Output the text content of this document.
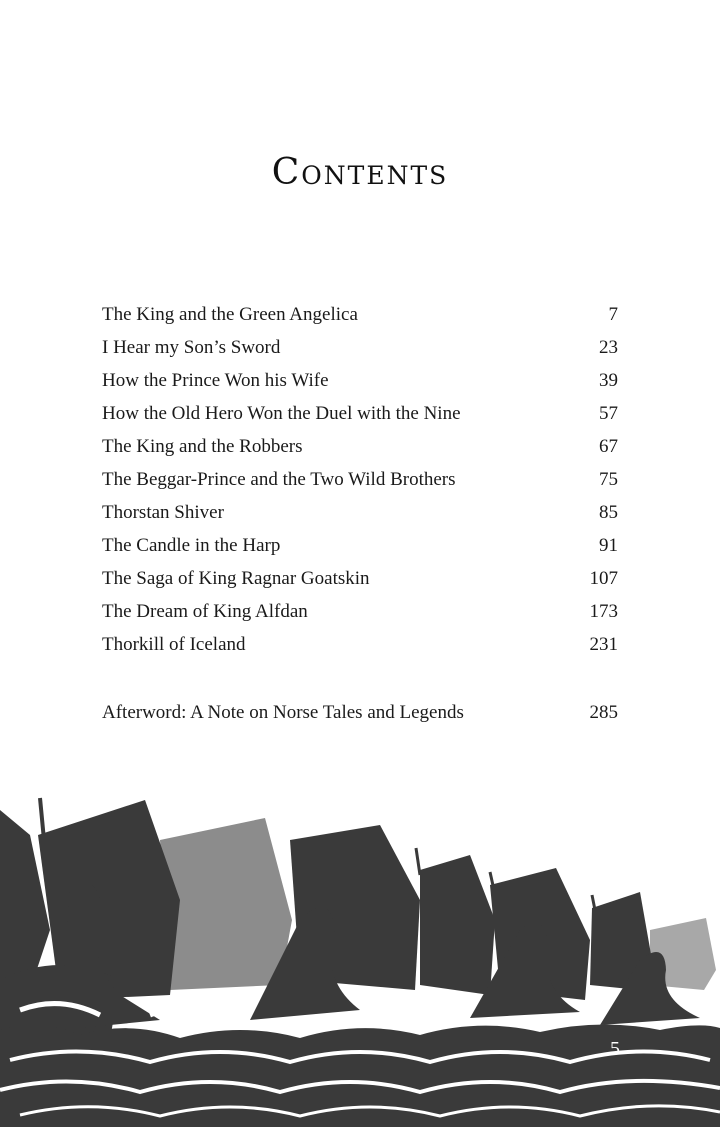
Contents
The King and the Green Angelica	7
I Hear my Son’s Sword	23
How the Prince Won his Wife	39
How the Old Hero Won the Duel with the Nine	57
The King and the Robbers	67
The Beggar-Prince and the Two Wild Brothers	75
Thorstan Shiver	85
The Candle in the Harp	91
The Saga of King Ragnar Goatskin	107
The Dream of King Alfdan	173
Thorkill of Iceland	231
Afterword: A Note on Norse Tales and Legends	285
5
